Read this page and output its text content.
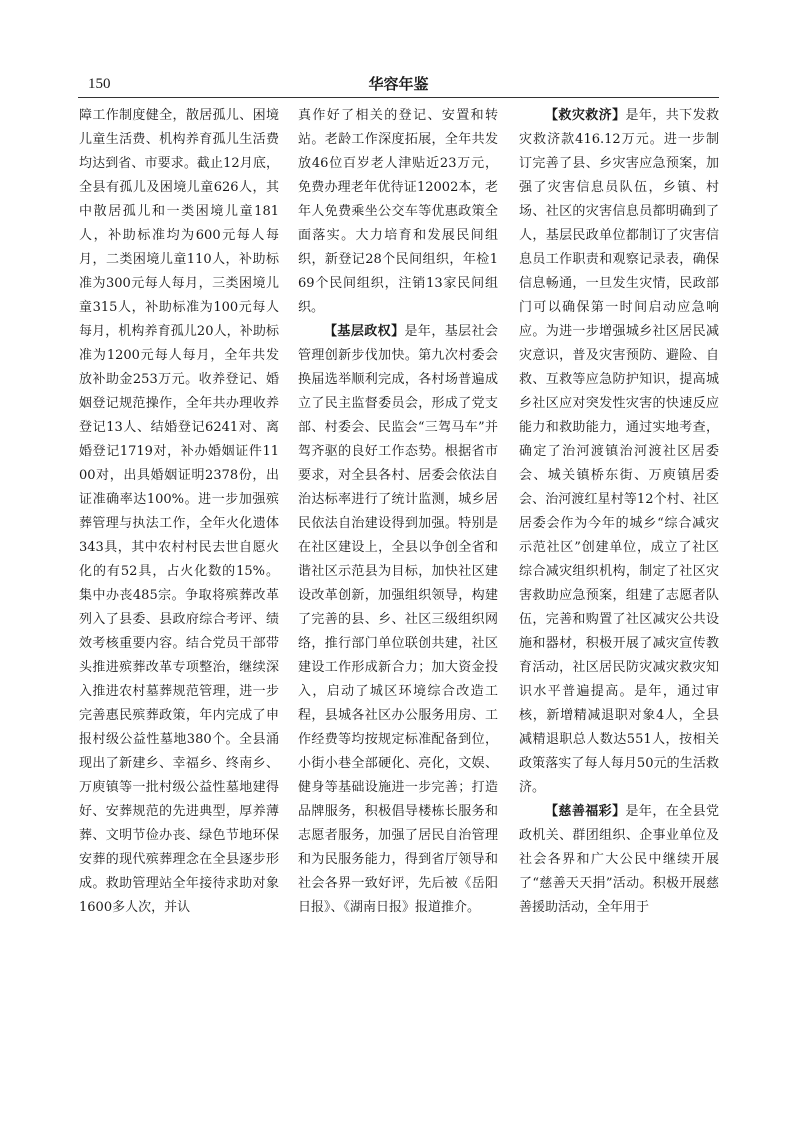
150	华容年鉴

障工作制度健全，散居孤儿、困境儿童生活费、机构养育孤儿生活费均达到省、市要求。截止12月底，全县有孤儿及困境儿童626人，其中散居孤儿和一类困境儿童181人，补助标准均为600元每人每月，二类困境儿童110人，补助标准为300元每人每月，三类困境儿童315人，补助标准为100元每人每月，机构养育孤儿20人，补助标准为1200元每人每月，全年共发放补助金253万元。收养登记、婚姻登记规范操作，全年共办理收养登记13人、结婚登记6241对、离婚登记1719对，补办婚姻证件1100对，出具婚姻证明2378份，出证准确率达100%。进一步加强殡葬管理与执法工作，全年火化遗体343具，其中农村村民去世自愿火化的有52具，占火化数的15%。集中办丧485宗。争取将殡葬改革列入了县委、县政府综合考评、绩效考核重要内容。结合党员干部带头推进殡葬改革专项整治，继续深入推进农村墓葬规范管理，进一步完善惠民殡葬政策，年内完成了申报村级公益性墓地380个。全县涌现出了新建乡、幸福乡、终南乡、万庾镇等一批村级公益性墓地建得好、安葬规范的先进典型，厚养薄葬、文明节俭办丧、绿色节地环保安葬的现代殡葬理念在全县逐步形成。救助管理站全年接待求助对象1600多人次，并认

真作好了相关的登记、安置和转站。老龄工作深度拓展，全年共发放46位百岁老人津贴近23万元，免费办理老年优待证12002本，老年人免费乘坐公交车等优惠政策全面落实。大力培育和发展民间组织，新登记28个民间组织，年检169个民间组织，注销13家民间组织。

【基层政权】是年，基层社会管理创新步伐加快。第九次村委会换届选举顺利完成，各村场普遍成立了民主监督委员会，形成了党支部、村委会、民监会“三驾马车”并驾齐驱的良好工作态势。根据省市要求，对全县各村、居委会依法自治达标率进行了统计监测，城乡居民依法自治建设得到加强。特别是在社区建设上，全县以争创全省和谐社区示范县为目标，加快社区建设改革创新，加强组织领导，构建了完善的县、乡、社区三级组织网络，推行部门单位联创共建，社区建设工作形成新合力；加大资金投入，启动了城区环境综合改造工程，县城各社区办公服务用房、工作经费等均按规定标准配备到位，小街小巷全部硬化、亮化，文娱、健身等基础设施进一步完善；打造品牌服务，积极倡导楼栋长服务和志愿者服务，加强了居民自治管理和为民服务能力，得到省厅领导和社会各界一致好评，先后被《岳阳日报》、《湖南日报》报道推介。

【救灾救济】是年，共下发救灾救济款416.12万元。进一步制订完善了县、乡灾害应急预案，加强了灾害信息员队伍，乡镇、村场、社区的灾害信息员都明确到了人，基层民政单位都制订了灾害信息员工作职责和观察记录表，确保信息畅通，一旦发生灾情，民政部门可以确保第一时间启动应急响应。为进一步增强城乡社区居民减灾意识，普及灾害预防、避险、自救、互救等应急防护知识，提高城乡社区应对突发性灾害的快速反应能力和救助能力，通过实地考查，确定了治河渡镇治河渡社区居委会、城关镇桥东街、万庾镇居委会、治河渡红星村等12个村、社区居委会作为今年的城乡“综合减灾示范社区”创建单位，成立了社区综合减灾组织机构，制定了社区灾害救助应急预案，组建了志愿者队伍，完善和购置了社区减灾公共设施和器材，积极开展了减灾宣传教育活动，社区居民防灾减灾救灾知识水平普遍提高。是年，通过审核，新增精减退职对象4人，全县减精退职总人数达551人，按相关政策落实了每人每月50元的生活救济。

【慈善福彩】是年，在全县党政机关、群团组织、企事业单位及社会各界和广大公民中继续开展了“慈善天天捐”活动。积极开展慈善援助活动，全年用于
